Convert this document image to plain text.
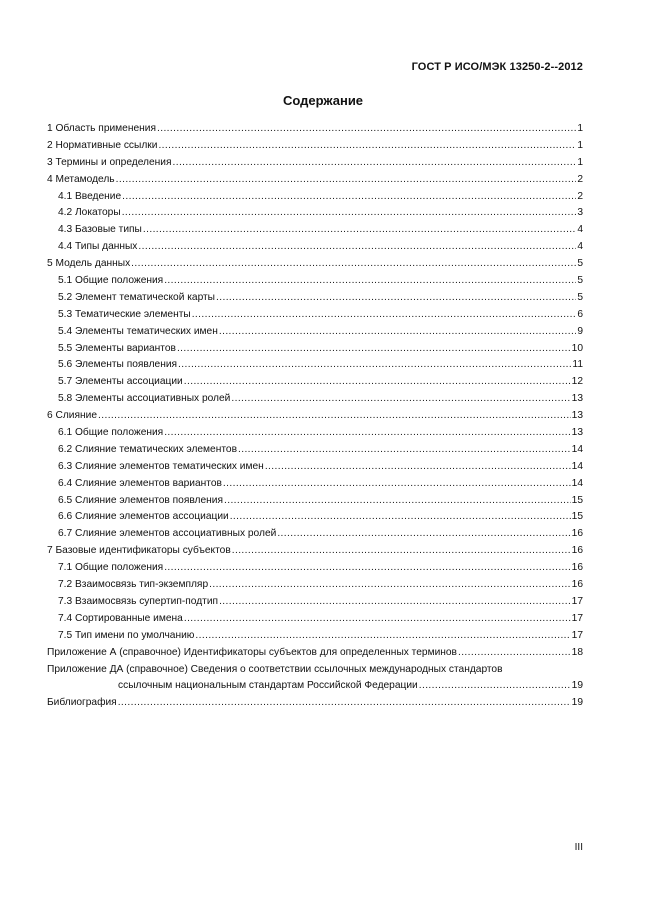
ГОСТ Р ИСО/МЭК 13250-2--2012
Содержание
1 Область применения .....	1
2 Нормативные ссылки .....	1
3 Термины и определения .....	1
4 Метамодель .....	2
4.1 Введение .....	2
4.2 Локаторы .....	3
4.3 Базовые типы .....	4
4.4 Типы данных .....	4
5 Модель данных .....	5
5.1 Общие положения .....	5
5.2 Элемент тематической карты .....	5
5.3 Тематические элементы .....	6
5.4 Элементы тематических имен .....	9
5.5 Элементы вариантов .....	10
5.6 Элементы появления .....	11
5.7 Элементы ассоциации .....	12
5.8 Элементы ассоциативных ролей .....	13
6 Слияние .....	13
6.1 Общие положения .....	13
6.2 Слияние тематических элементов .....	14
6.3 Слияние элементов тематических имен .....	14
6.4 Слияние элементов вариантов .....	14
6.5 Слияние элементов появления .....	15
6.6 Слияние элементов ассоциации .....	15
6.7 Слияние элементов ассоциативных ролей .....	16
7 Базовые идентификаторы субъектов .....	16
7.1 Общие положения .....	16
7.2 Взаимосвязь тип-экземпляр .....	16
7.3 Взаимосвязь супертип-подтип .....	17
7.4 Сортированные имена .....	17
7.5 Тип имени по умолчанию .....	17
Приложение А (справочное) Идентификаторы субъектов для определенных терминов .....	18
Приложение ДА (справочное) Сведения о соответствии ссылочных международных стандартов
ссылочным национальным стандартам Российской Федерации .....	19
Библиография .....	19
III
